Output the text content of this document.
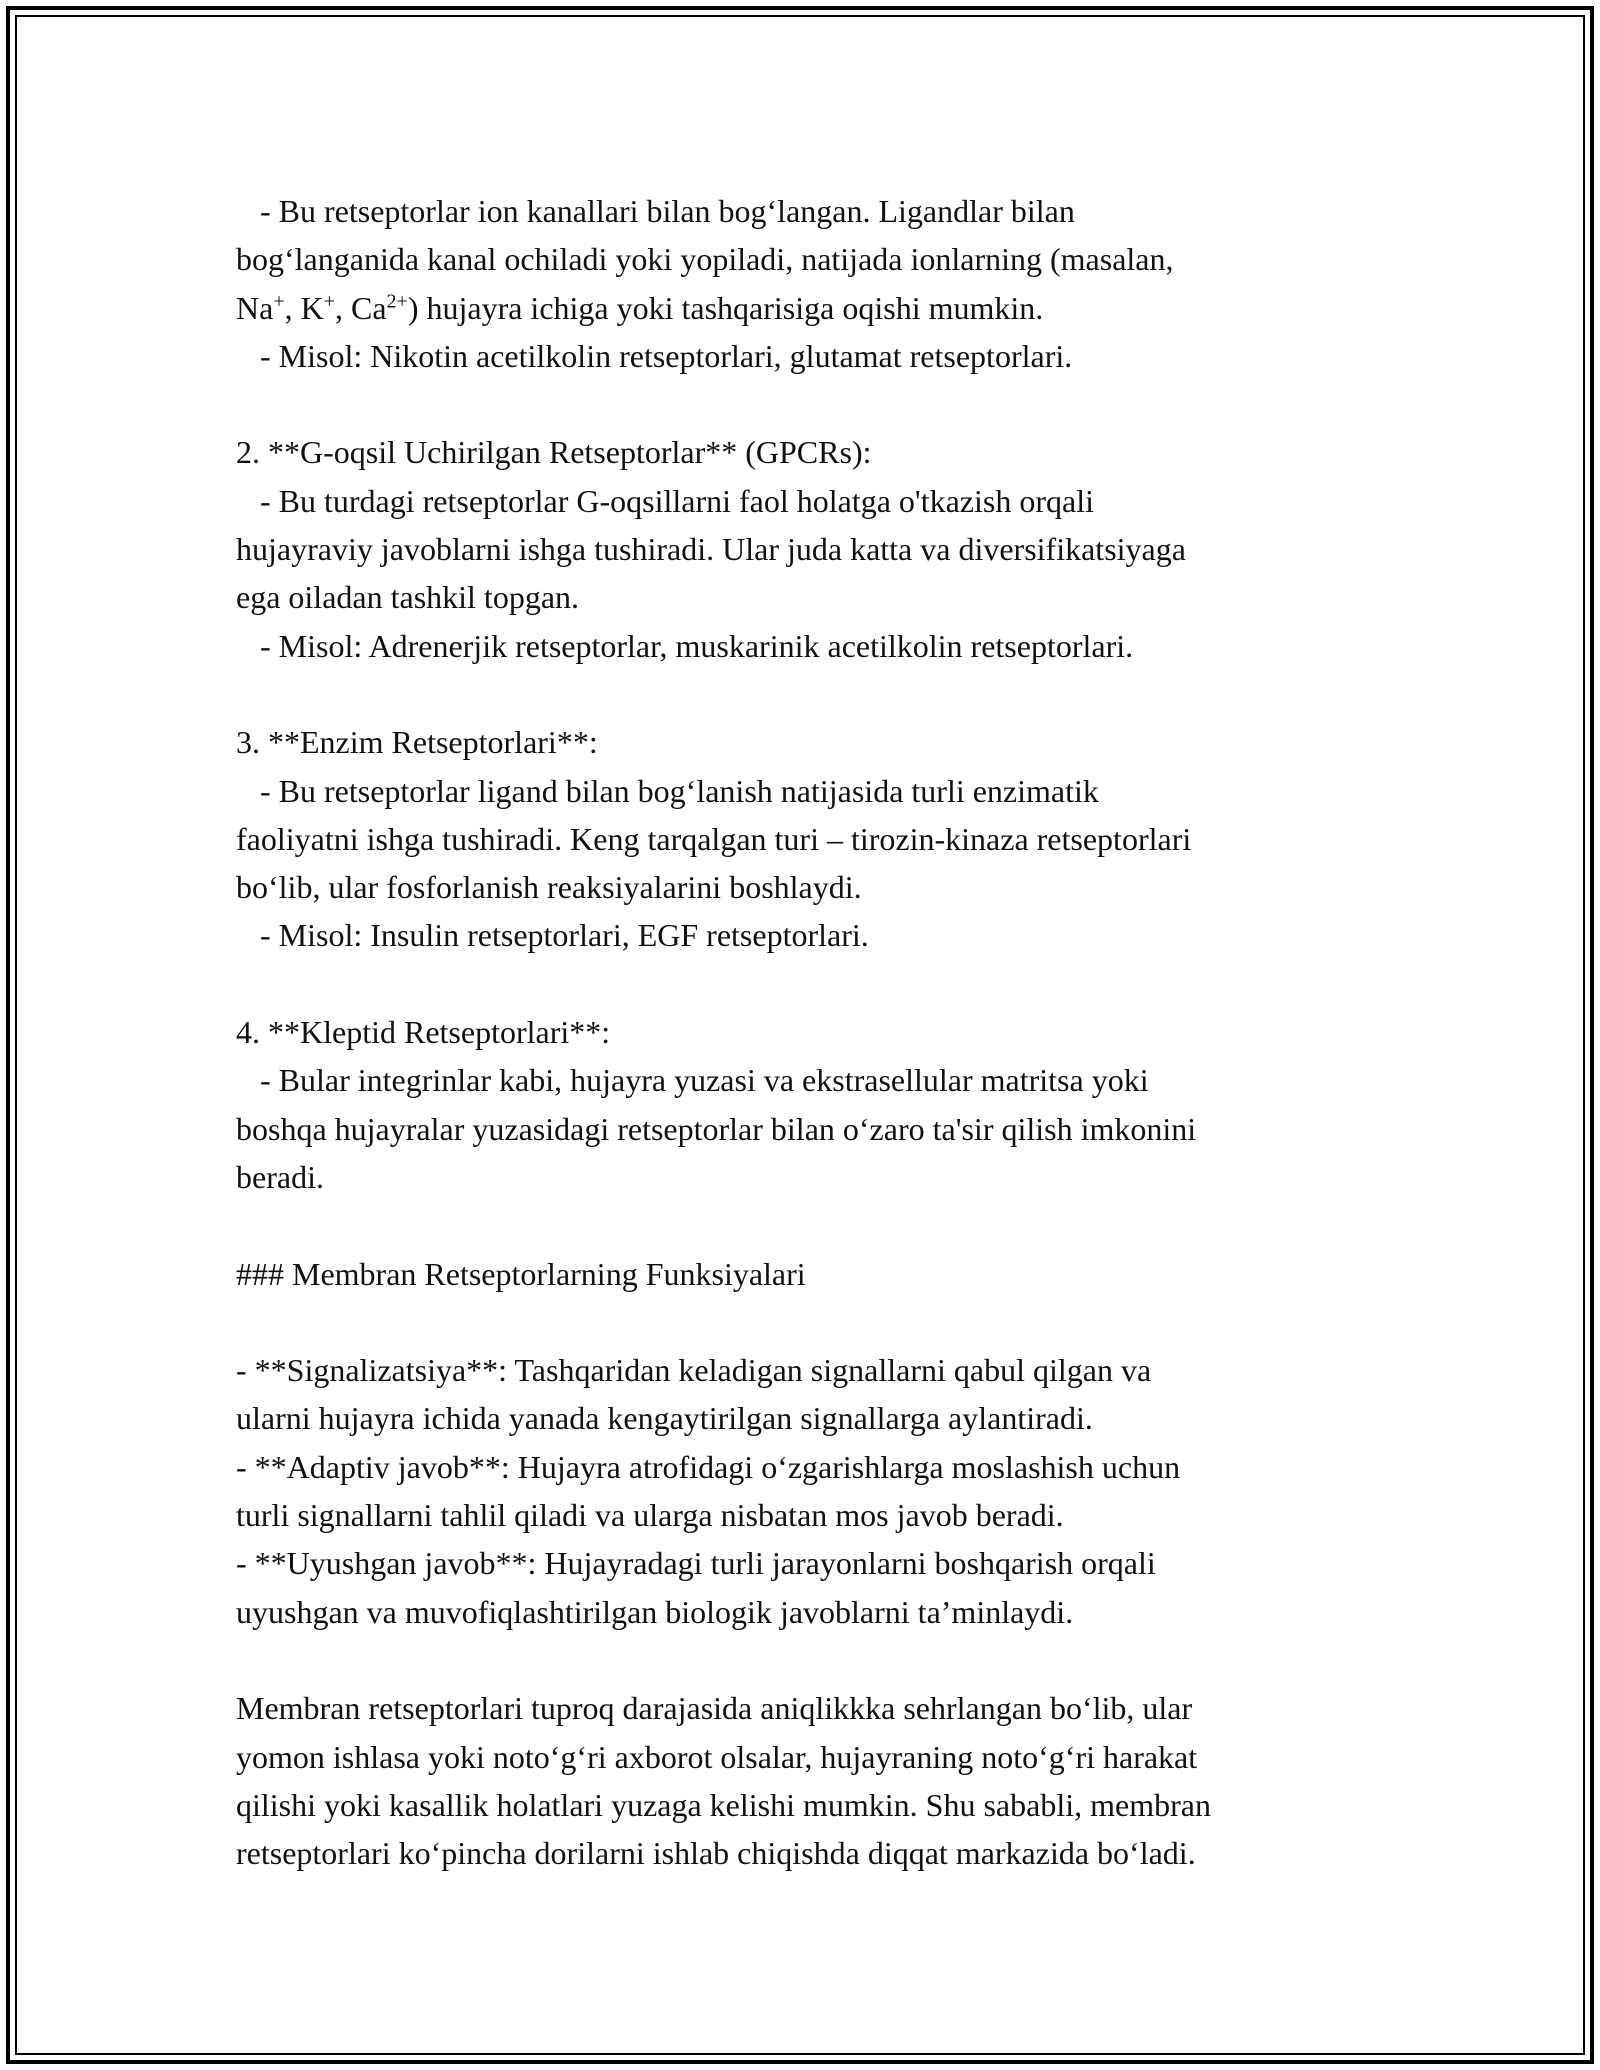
- Bu retseptorlar ion kanallari bilan bog‘langan. Ligandlar bilan
bog‘langanida kanal ochiladi yoki yopiladi, natijada ionlarning (masalan,
Na+, K+, $Ca^{2+}$) hujayra ichiga yoki tashqarisiga oqishi mumkin.
- Misol: Nikotin acetilkolin retseptorlari, glutamat retseptorlari.
2. **G-oqsil Uchirilgan Retseptorlar** (GPCRs):
- Bu turdagi retseptorlar G-oqsillarni faol holatga o'tkazish orqali
hujayraviy javoblarni ishga tushiradi. Ular juda katta va diversifikatsiyaga
ega oiladan tashkil topgan.
- Misol: Adrenerjik retseptorlar, muskarinik acetilkolin retseptorlari.
3. **Enzim Retseptorlari**:
- Bu retseptorlar ligand bilan bog‘lanish natijasida turli enzimatik
faoliyatni ishga tushiradi. Keng tarqalgan turi – tirozin-kinaza retseptorlari
bo‘lib, ular fosforlanish reaksiyalarini boshlaydi.
- Misol: Insulin retseptorlari, EGF retseptorlari.
4. **Kleptid Retseptorlari**:
- Bular integrinlar kabi, hujayra yuzasi va ekstrasellular matritsa yoki
boshqa hujayralar yuzasidagi retseptorlar bilan o‘zaro ta'sir qilish imkonini
beradi.
### Membran Retseptorlarning Funksiyalari
- **Signalizatsiya**: Tashqaridan keladigan signallarni qabul qilgan va
ularni hujayra ichida yanada kengaytirilgan signallarga aylantiradi.
- **Adaptiv javob**: Hujayra atrofidagi o‘zgarishlarga moslashish uchun
turli signallarni tahlil qiladi va ularga nisbatan mos javob beradi.
- **Uyushgan javob**: Hujayradagi turli jarayonlarni boshqarish orqali
uyushgan va muvofiqlashtirilgan biologik javoblarni ta’minlaydi.
Membran retseptorlari tuproq darajasida aniqlikkka sehrlangan bo‘lib, ular
yomon ishlasa yoki noto‘g‘ri axborot olsalar, hujayraning noto‘g‘ri harakat
qilishi yoki kasallik holatlari yuzaga kelishi mumkin. Shu sababli, membran
retseptorlari ko‘pincha dorilarni ishlab chiqishda diqqat markazida bo‘ladi.
